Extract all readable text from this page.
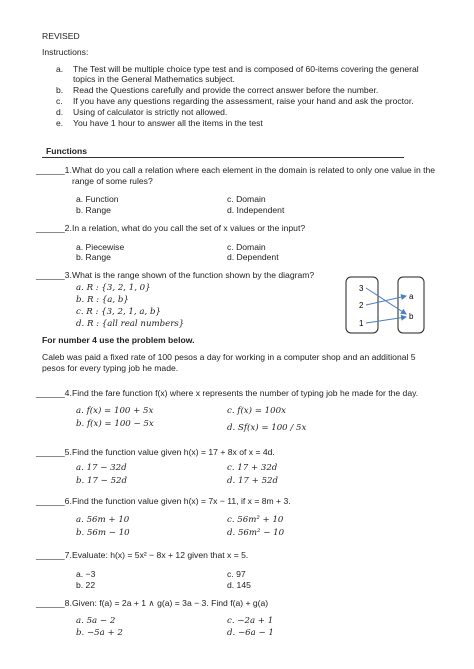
REVISED
Instructions:
a. The Test will be multiple choice type test and is composed of 60-items covering the general
topics in the General Mathematics subject.
b. Read the Questions carefully and provide the correct answer before the number.
c. If you have any questions regarding the assessment, raise your hand and ask the proctor.
d. Using of calculator is strictly not allowed.
e. You have 1 hour to answer all the items in the test
Functions
______1. What do you call a relation where each element in the domain is related to only one value in the
range of some rules?
a. Function	c. Domain
b. Range	d. Independent
______2. In a relation, what do you call the set of x values or the input?
a. Piecewise	c. Domain
b. Range	d. Dependent
______3. What is the range shown of the function shown by the diagram?
a. R : {3, 2, 1, 0}
b. R : {a, b}
c. R : {3, 2, 1, a, b}
d. R : {all real numbers}
3
2
1
a
b
For number 4 use the problem below.
Caleb was paid a fixed rate of 100 pesos a day for working in a computer shop and an additional 5
pesos for every typing job he made.
______4. Find the fare function f(x) where x represents the number of typing job he made for the day.
a. f(x) = 100 + 5x	c. f(x) = 100x
b. f(x) = 100 − 5x	d. Sf(x) = 100 / 5x
______5. Find the function value given h(x) = 17 + 8x of x = 4d.
a. 17 − 32d	c. 17 + 32d
b. 17 − 52d	d. 17 + 52d
______6. Find the function value given h(x) = 7x − 11, if x = 8m + 3.
a. 56m + 10	c. 56m² + 10
b. 56m − 10	d. 56m² − 10
______7. Evaluate: h(x) = 5x² − 8x + 12 given that x = 5.
a. −3	c. 97
b. 22	d. 145
______8. Given: f(a) = 2a + 1 ∧ g(a) = 3a − 3. Find f(a) + g(a)
a. 5a − 2	c. −2a + 1
b. −5a + 2	d. −6a − 1
